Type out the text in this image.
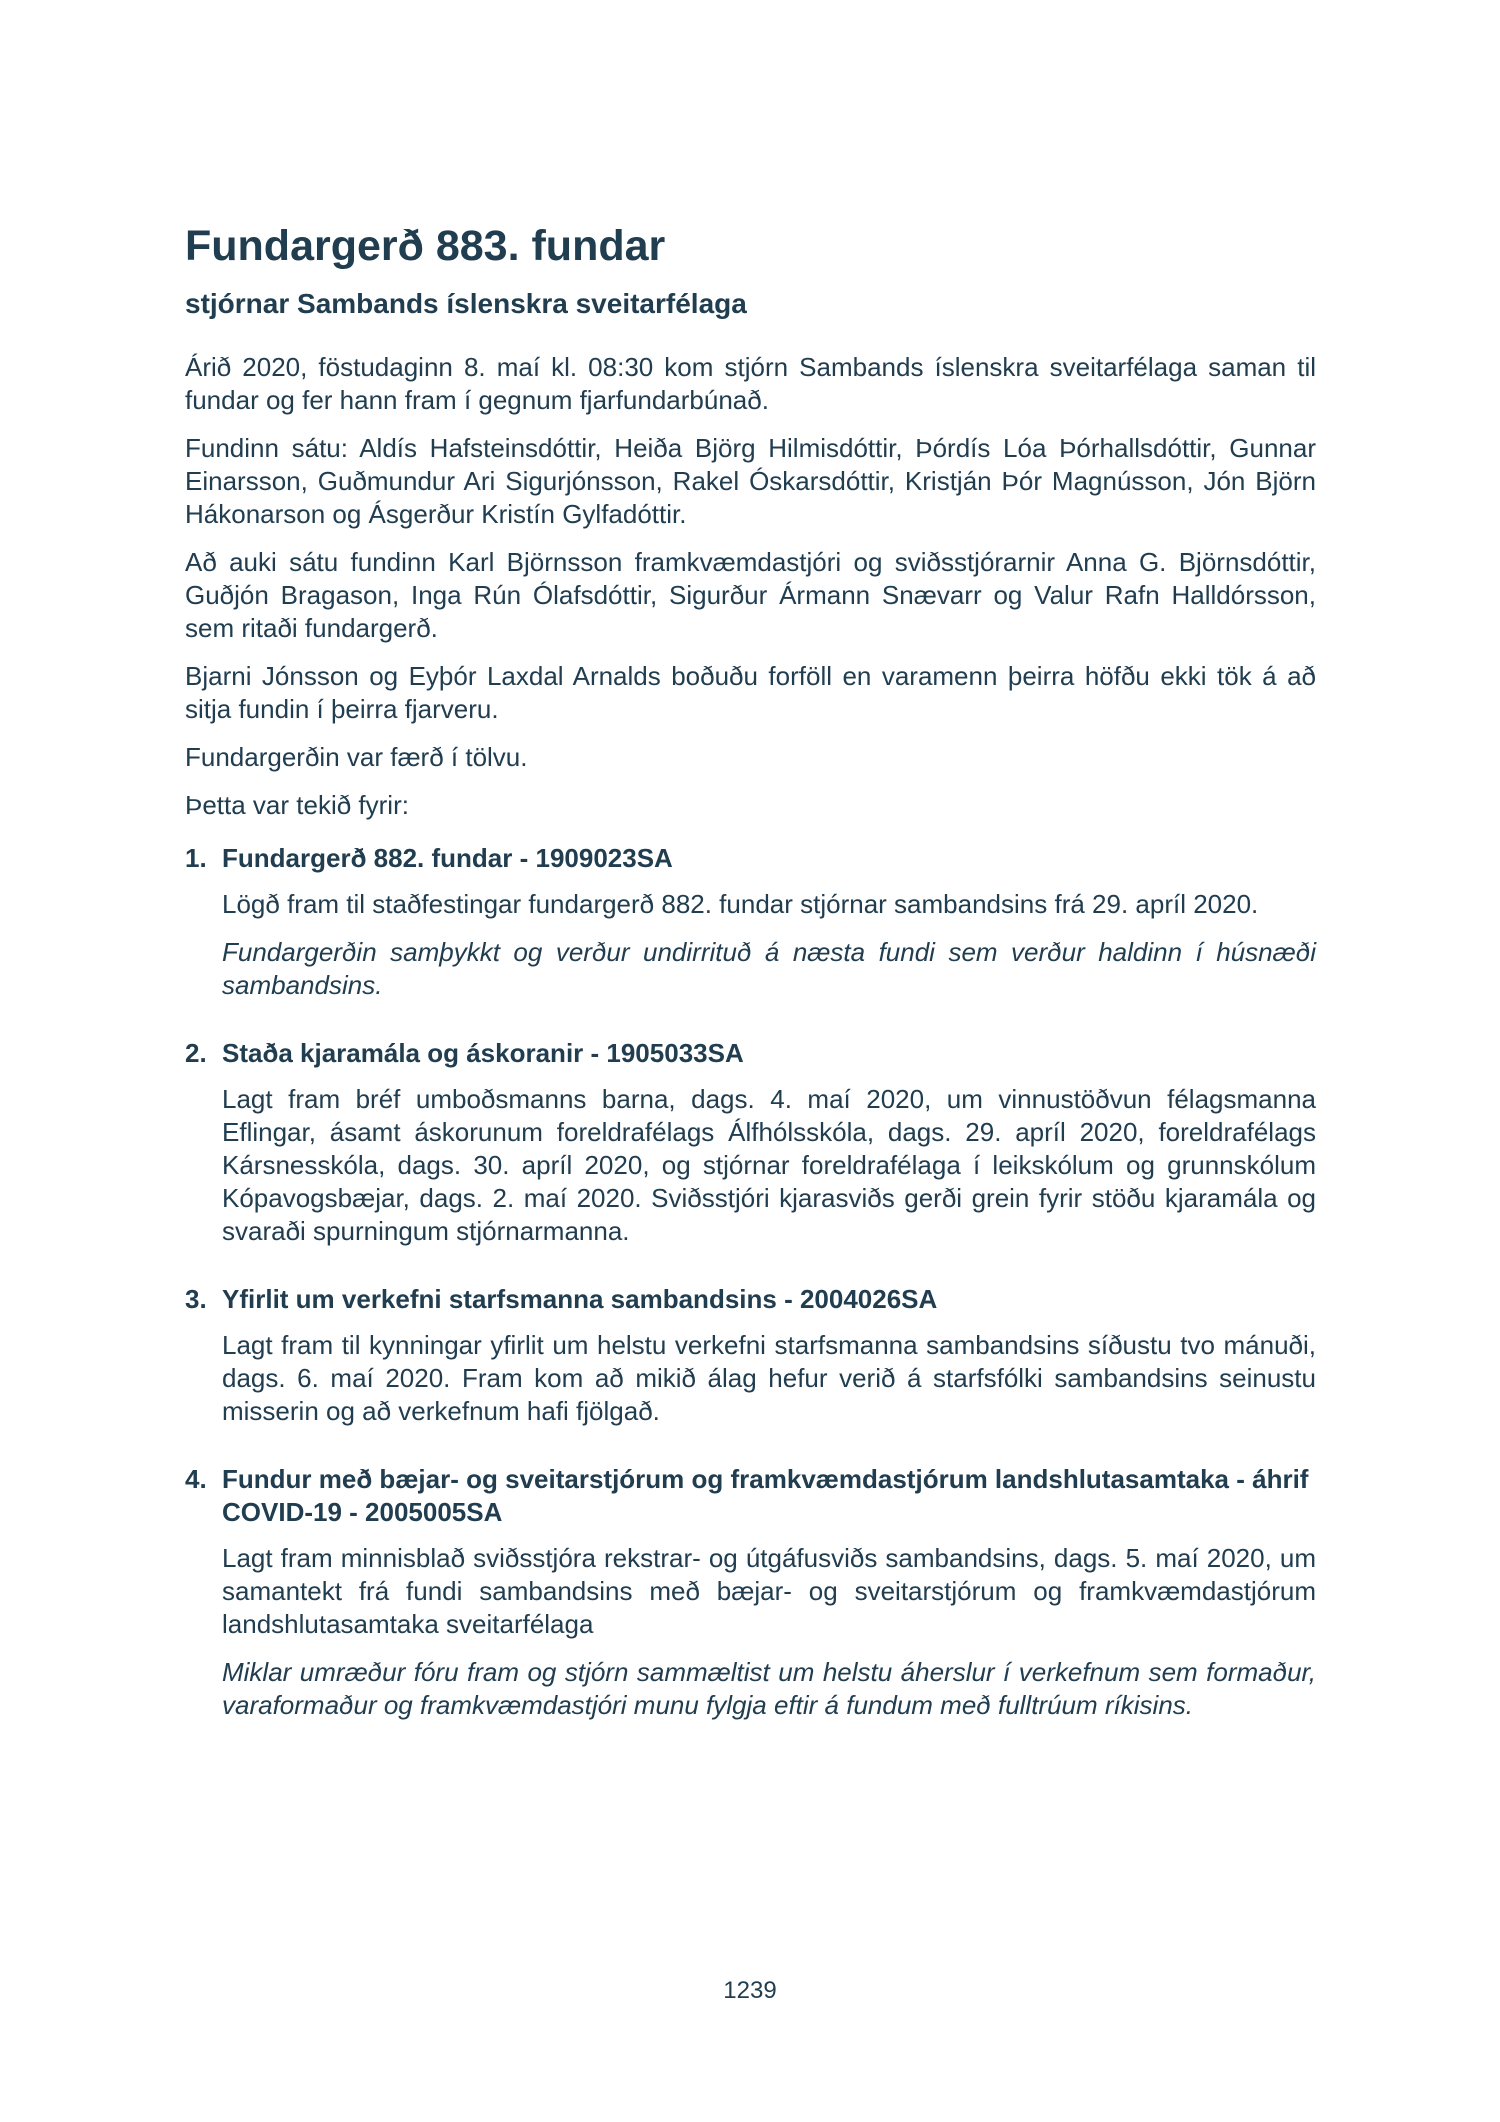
Fundargerð 883. fundar
stjórnar Sambands íslenskra sveitarfélaga

Árið 2020, föstudaginn 8. maí kl. 08:30 kom stjórn Sambands íslenskra sveitarfélaga saman til fundar og fer hann fram í gegnum fjarfundarbúnað.

Fundinn sátu: Aldís Hafsteinsdóttir, Heiða Björg Hilmisdóttir, Þórdís Lóa Þórhallsdóttir, Gunnar Einarsson, Guðmundur Ari Sigurjónsson, Rakel Óskarsdóttir, Kristján Þór Magnússon, Jón Björn Hákonarson og Ásgerður Kristín Gylfadóttir.

Að auki sátu fundinn Karl Björnsson framkvæmdastjóri og sviðsstjórarnir Anna G. Björnsdóttir, Guðjón Bragason, Inga Rún Ólafsdóttir, Sigurður Ármann Snævarr og Valur Rafn Halldórsson, sem ritaði fundargerð.

Bjarni Jónsson og Eyþór Laxdal Arnalds boðuðu forföll en varamenn þeirra höfðu ekki tök á að sitja fundin í þeirra fjarveru.

Fundargerðin var færð í tölvu.

Þetta var tekið fyrir:

1. Fundargerð 882. fundar - 1909023SA

Lögð fram til staðfestingar fundargerð 882. fundar stjórnar sambandsins frá 29. apríl 2020.

Fundargerðin samþykkt og verður undirrituð á næsta fundi sem verður haldinn í húsnæði sambandsins.

2. Staða kjaramála og áskoranir - 1905033SA

Lagt fram bréf umboðsmanns barna, dags. 4. maí 2020, um vinnustöðvun félagsmanna Eflingar, ásamt áskorunum foreldrafélags Álfhólsskóla, dags. 29. apríl 2020, foreldrafélags Kársnesskóla, dags. 30. apríl 2020, og stjórnar foreldrafélaga í leikskólum og grunnskólum Kópavogsbæjar, dags. 2. maí 2020. Sviðsstjóri kjarasviðs gerði grein fyrir stöðu kjaramála og svaraði spurningum stjórnarmanna.

3. Yfirlit um verkefni starfsmanna sambandsins - 2004026SA

Lagt fram til kynningar yfirlit um helstu verkefni starfsmanna sambandsins síðustu tvo mánuði, dags. 6. maí 2020. Fram kom að mikið álag hefur verið á starfsfólki sambandsins seinustu misserin og að verkefnum hafi fjölgað.

4. Fundur með bæjar- og sveitarstjórum og framkvæmdastjórum landshlutasamtaka - áhrif COVID-19 - 2005005SA

Lagt fram minnisblað sviðsstjóra rekstrar- og útgáfusviðs sambandsins, dags. 5. maí 2020, um samantekt frá fundi sambandsins með bæjar- og sveitarstjórum og framkvæmdastjórum landshlutasamtaka sveitarfélaga

Miklar umræður fóru fram og stjórn sammæltist um helstu áherslur í verkefnum sem formaður, varaformaður og framkvæmdastjóri munu fylgja eftir á fundum með fulltrúum ríkisins.

1239
